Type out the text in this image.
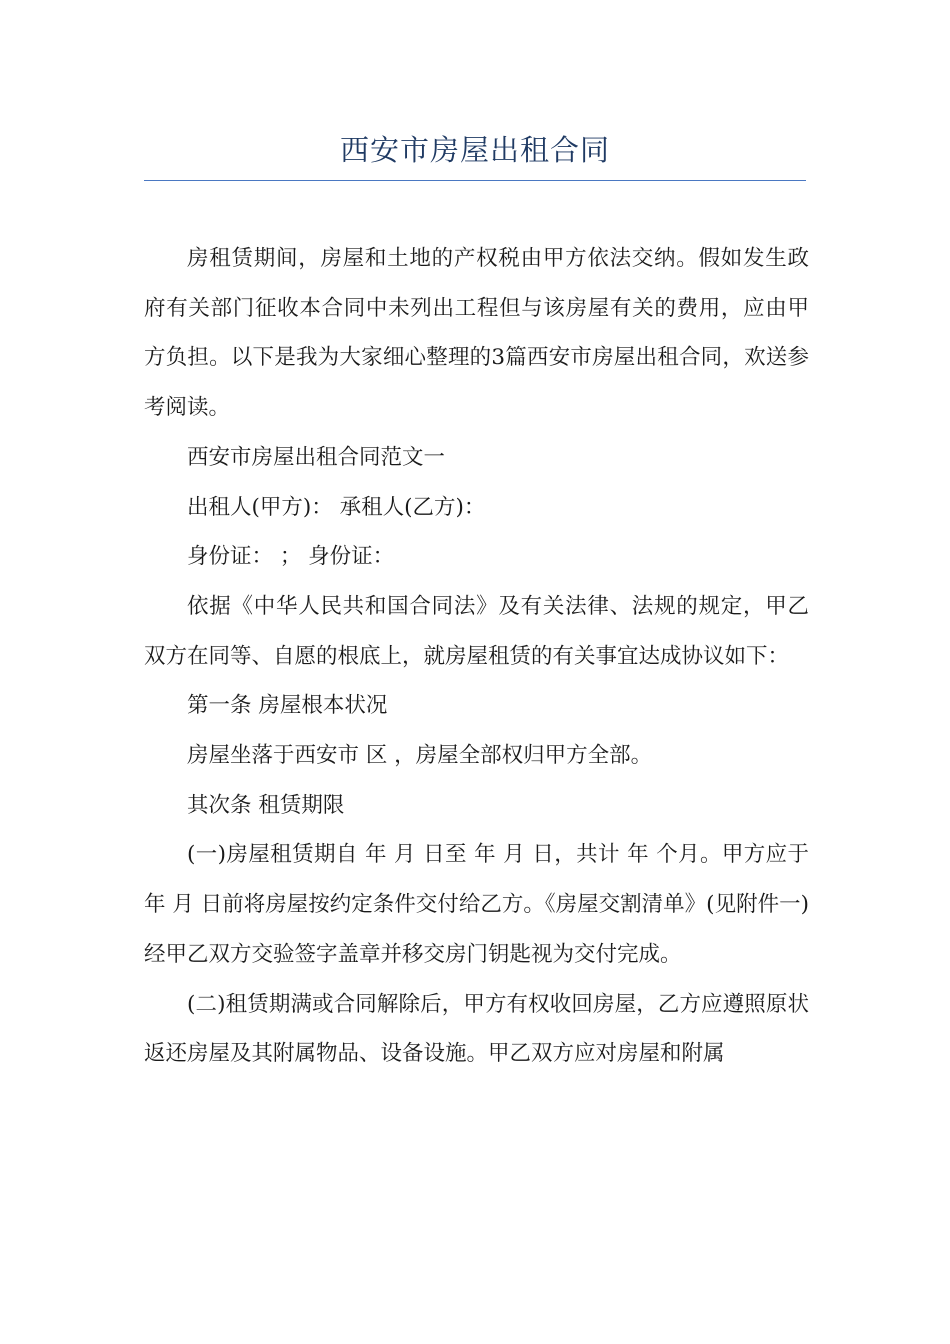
西安市房屋出租合同

房租赁期间，房屋和土地的产权税由甲方依法交纳。假如发生政府有关部门征收本合同中未列出工程但与该房屋有关的费用，应由甲方负担。以下是我为大家细心整理的3篇西安市房屋出租合同，欢送参考阅读。

西安市房屋出租合同范文一

出租人(甲方)： 承租人(乙方)：

身份证： ； 身份证：

依据《中华人民共和国合同法》及有关法律、法规的规定，甲乙双方在同等、自愿的根底上，就房屋租赁的有关事宜达成协议如下：

第一条 房屋根本状况

房屋坐落于西安市 区 ，房屋全部权归甲方全部。

其次条 租赁期限

(一)房屋租赁期自 年 月 日至 年 月 日，共计 年 个月。甲方应于 年 月 日前将房屋按约定条件交付给乙方。《房屋交割清单》(见附件一)经甲乙双方交验签字盖章并移交房门钥匙视为交付完成。

(二)租赁期满或合同解除后，甲方有权收回房屋，乙方应遵照原状返还房屋及其附属物品、设备设施。甲乙双方应对房屋和附属
